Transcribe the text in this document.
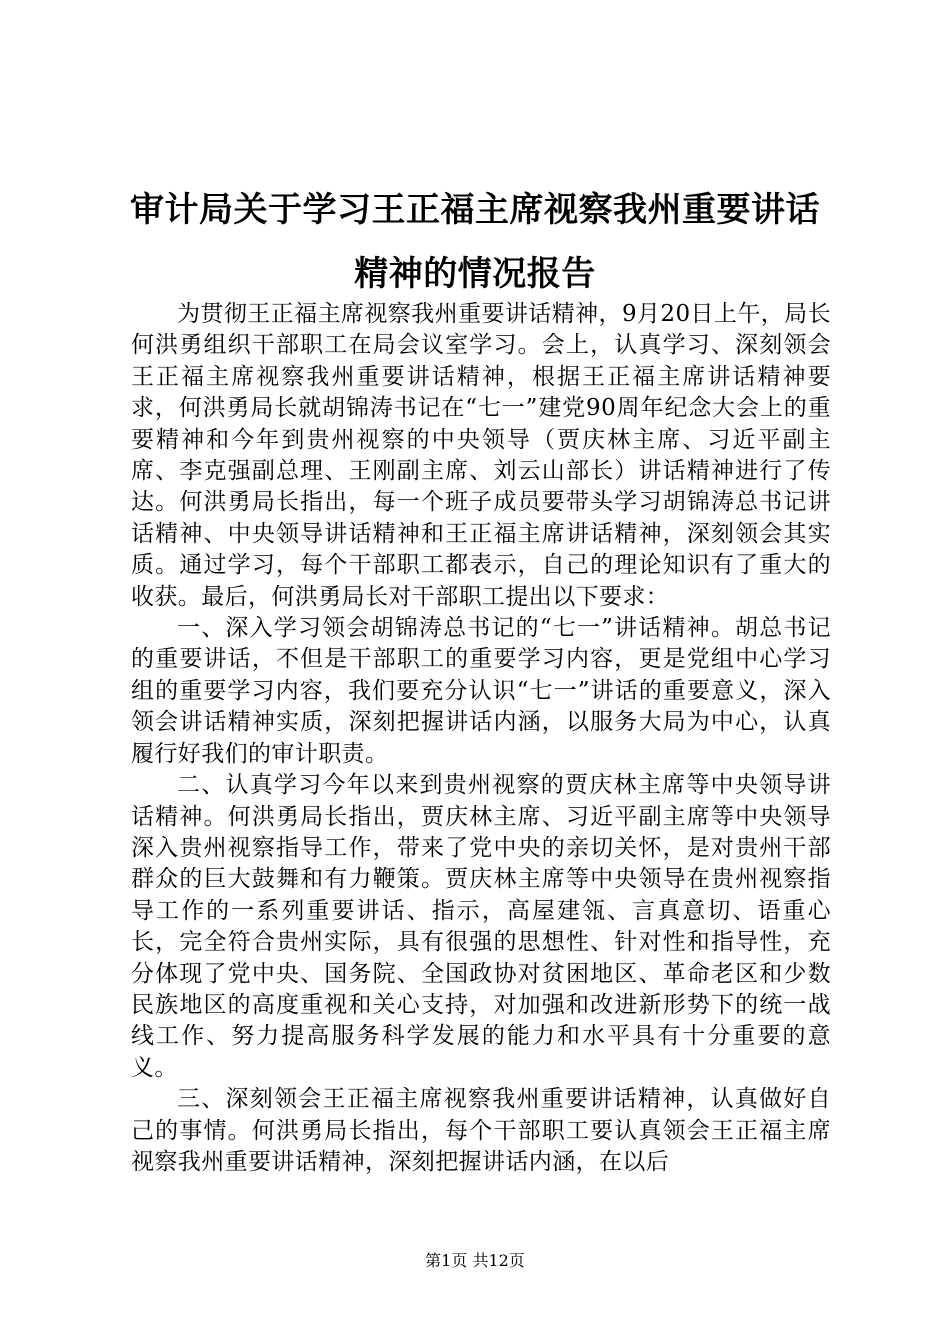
审计局关于学习王正福主席视察我州重要讲话
精神的情况报告

为贯彻王正福主席视察我州重要讲话精神，9月20日上午，局长何洪勇组织干部职工在局会议室学习。会上，认真学习、深刻领会王正福主席视察我州重要讲话精神，根据王正福主席讲话精神要求，何洪勇局长就胡锦涛书记在“七一”建党90周年纪念大会上的重要精神和今年到贵州视察的中央领导（贾庆林主席、习近平副主席、李克强副总理、王刚副主席、刘云山部长）讲话精神进行了传达。何洪勇局长指出，每一个班子成员要带头学习胡锦涛总书记讲话精神、中央领导讲话精神和王正福主席讲话精神，深刻领会其实质。通过学习，每个干部职工都表示，自己的理论知识有了重大的收获。最后，何洪勇局长对干部职工提出以下要求：

一、深入学习领会胡锦涛总书记的“七一”讲话精神。胡总书记的重要讲话，不但是干部职工的重要学习内容，更是党组中心学习组的重要学习内容，我们要充分认识“七一”讲话的重要意义，深入领会讲话精神实质，深刻把握讲话内涵，以服务大局为中心，认真履行好我们的审计职责。

二、认真学习今年以来到贵州视察的贾庆林主席等中央领导讲话精神。何洪勇局长指出，贾庆林主席、习近平副主席等中央领导深入贵州视察指导工作，带来了党中央的亲切关怀，是对贵州干部群众的巨大鼓舞和有力鞭策。贾庆林主席等中央领导在贵州视察指导工作的一系列重要讲话、指示，高屋建瓴、言真意切、语重心长，完全符合贵州实际，具有很强的思想性、针对性和指导性，充分体现了党中央、国务院、全国政协对贫困地区、革命老区和少数民族地区的高度重视和关心支持，对加强和改进新形势下的统一战线工作、努力提高服务科学发展的能力和水平具有十分重要的意义。

三、深刻领会王正福主席视察我州重要讲话精神，认真做好自己的事情。何洪勇局长指出，每个干部职工要认真领会王正福主席视察我州重要讲话精神，深刻把握讲话内涵，在以后

第1页 共12页
